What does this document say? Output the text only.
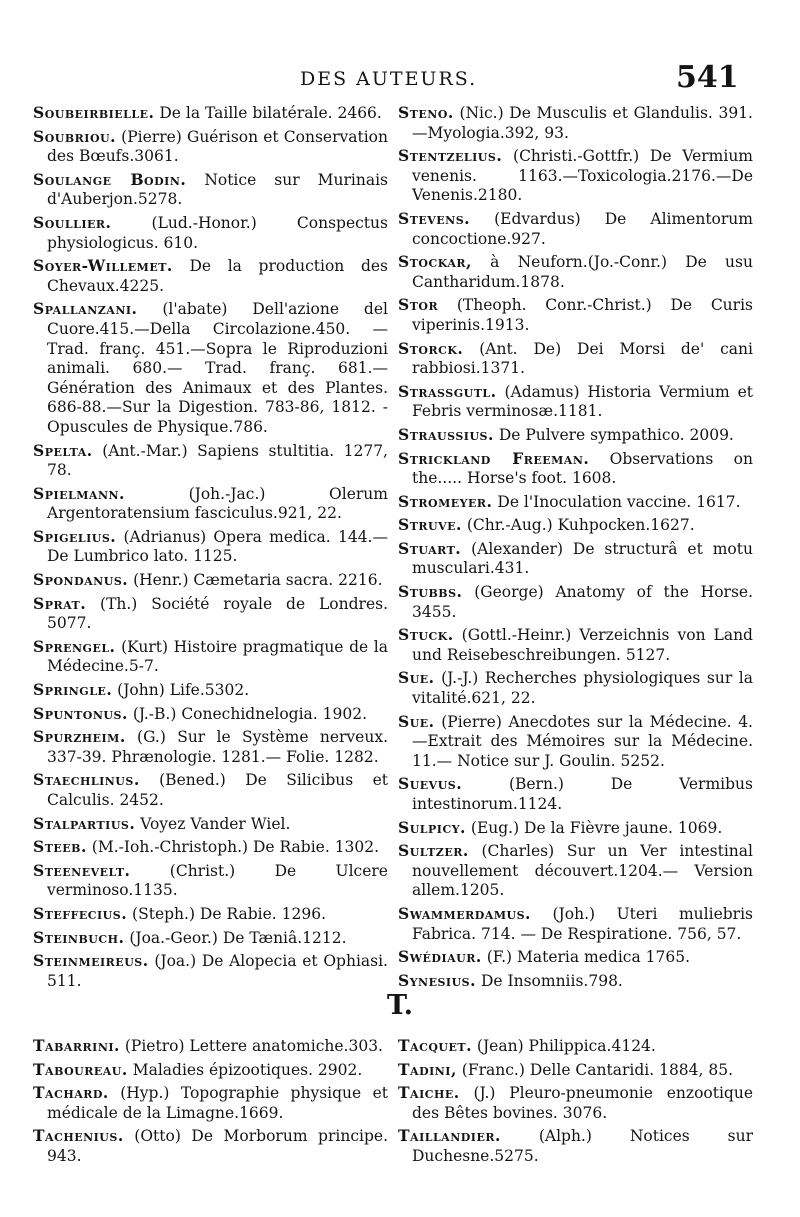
DES AUTEURS.	541
Soubeirbielle. De la Taille bilatérale. 2466.
Soubriou. (Pierre) Guérison et Conservation des Bœufs.3061.
Soulange Bodin. Notice sur Murinais d'Auberjon.5278.
Soullier.	(Lud.-Honor.) Conspectus physiologicus. 610.
Soyer-Willemet. De la production des Chevaux.4225.
Spallanzani. (l'abate) Dell'azione del Cuore.415.—Della Circolazione.450. —Trad. franç. 451.—Sopra le Riproduzioni animali. 680.— Trad. franç. 681.—Génération des Animaux et des Plantes. 686-88.—Sur la Digestion. 783-86, 1812. - Opuscules de Physique.786.
Spelta. (Ant.-Mar.) Sapiens stultitia. 1277, 78.
Spielmann.	(Joh.-Jac.) Olerum Argentoratensium fasciculus.921, 22.
Spigelius. (Adrianus) Opera medica. 144.—De Lumbrico lato. 1125.
Spondanus. (Henr.) Cæmetaria sacra. 2216.
Sprat. (Th.) Société royale de Londres. 5077.
Sprengel. (Kurt) Histoire pragmatique de la Médecine.5-7.
Springle. (John) Life.5302.
Spuntonus. (J.-B.) Conechidnelogia. 1902.
Spurzheim. (G.) Sur le Système nerveux. 337-39. Phrænologie. 1281.— Folie. 1282.
Staechlinus. (Bened.) De Silicibus et Calculis. 2452.
Stalpartius. Voyez Vander Wiel.
Steeb. (M.-Ioh.-Christoph.) De Rabie. 1302.
Steenevelt.	(Christ.) De Ulcere verminoso.1135.
Steffecius. (Steph.) De Rabie. 1296.
Steinbuch. (Joa.-Geor.) De Tæniâ.1212.
Steinmeireus. (Joa.) De Alopecia et Ophiasi. 511.
Steno. (Nic.) De Musculis et Glandulis. 391.—Myologia.392, 93.
Stentzelius. (Christi.-Gottfr.) De Vermium venenis. 1163.—Toxicologia.2176.—De Venenis.2180.
Stevens. (Edvardus) De Alimentorum concoctione.927.
Stockar, à Neuforn.(Jo.-Conr.) De usu Cantharidum.1878.
Stor (Theoph. Conr.-Christ.) De Curis viperinis.1913.
Storck. (Ant. De) Dei Morsi de' cani rabbiosi.1371.
Strassgutl. (Adamus) Historia Vermium et Febris verminosæ.1181.
Straussius. De Pulvere sympathico. 2009.
Strickland Freeman. Observations on the..... Horse's foot. 1608.
Stromeyer. De l'Inoculation vaccine. 1617.
Struve. (Chr.-Aug.) Kuhpocken.1627.
Stuart. (Alexander) De structurâ et motu musculari.431.
Stubbs. (George) Anatomy of the Horse. 3455.
Stuck. (Gottl.-Heinr.) Verzeichnis von Land und Reisebeschreibungen. 5127.
Sue. (J.-J.) Recherches physiologiques sur la vitalité.621, 22.
Sue. (Pierre) Anecdotes sur la Médecine. 4.—Extrait des Mémoires sur la Médecine. 11.— Notice sur J. Goulin. 5252.
Suevus.	(Bern.) De Vermibus intestinorum.1124.
Sulpicy. (Eug.) De la Fièvre jaune. 1069.
Sultzer. (Charles) Sur un Ver intestinal nouvellement découvert.1204.— Version allem.1205.
Swammerdamus. (Joh.) Uteri muliebris Fabrica. 714. — De Respiratione. 756, 57.
Swédiaur. (F.) Materia medica 1765.
Synesius. De Insomniis.798.
T.
Tabarrini. (Pietro) Lettere anatomiche.303.
Taboureau. Maladies épizootiques. 2902.
Tachard. (Hyp.) Topographie physique et médicale de la Limagne.1669.
Tachenius. (Otto) De Morborum principe. 943.
Tacquet. (Jean) Philippica.4124.
Tadini, (Franc.) Delle Cantaridi. 1884, 85.
Taiche. (J.) Pleuro-pneumonie enzootique des Bêtes bovines. 3076.
Taillandier. (Alph.) Notices sur Duchesne.5275.
